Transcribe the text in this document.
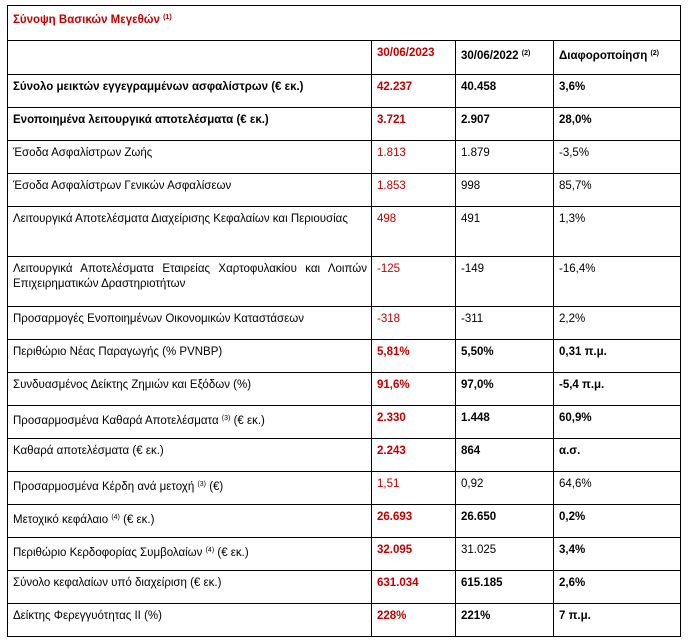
Σύνοψη Βασικών Μεγεθών $^{(1)}$
	30/06/2023	30/06/2022 $^{(2)}$	Διαφοροποίηση $^{(2)}$
Σύνολο μεικτών εγγεγραμμένων ασφαλίστρων (€ εκ.)	42.237	40.458	3,6%
Ενοποιημένα λειτουργικά αποτελέσματα (€ εκ.)	3.721	2.907	28,0%
Έσοδα Ασφαλίστρων Ζωής	1.813	1.879	-3,5%
Έσοδα Ασφαλίστρων Γενικών Ασφαλίσεων	1.853	998	85,7%
Λειτουργικά Αποτελέσματα Διαχείρισης Κεφαλαίων και Περιουσίας	498	491	1,3%
Λειτουργικά Αποτελέσματα Εταιρείας Χαρτοφυλακίου και Λοιπών Επιχειρηματικών Δραστηριοτήτων	-125	-149	-16,4%
Προσαρμογές Ενοποιημένων Οικονομικών Καταστάσεων	-318	-311	2,2%
Περιθώριο Νέας Παραγωγής (% PVNBP)	5,81%	5,50%	0,31 π.μ.
Συνδυασμένος Δείκτης Ζημιών και Εξόδων (%)	91,6%	97,0%	-5,4 π.μ.
Προσαρμοσμένα Καθαρά Αποτελέσματα $^{(3)}$ (€ εκ.)	2.330	1.448	60,9%
Καθαρά αποτελέσματα (€ εκ.)	2.243	864	α.σ.
Προσαρμοσμένα Κέρδη ανά μετοχή $^{(3)}$ (€)	1,51	0,92	64,6%
Μετοχικό κεφάλαιο $^{(4)}$ (€ εκ.)	26.693	26.650	0,2%
Περιθώριο Κερδοφορίας Συμβολαίων $^{(4)}$ (€ εκ.)	32.095	31.025	3,4%
Σύνολο κεφαλαίων υπό διαχείριση (€ εκ.)	631.034	615.185	2,6%
Δείκτης Φερεγγυότητας II (%)	228%	221%	7 π.μ.
